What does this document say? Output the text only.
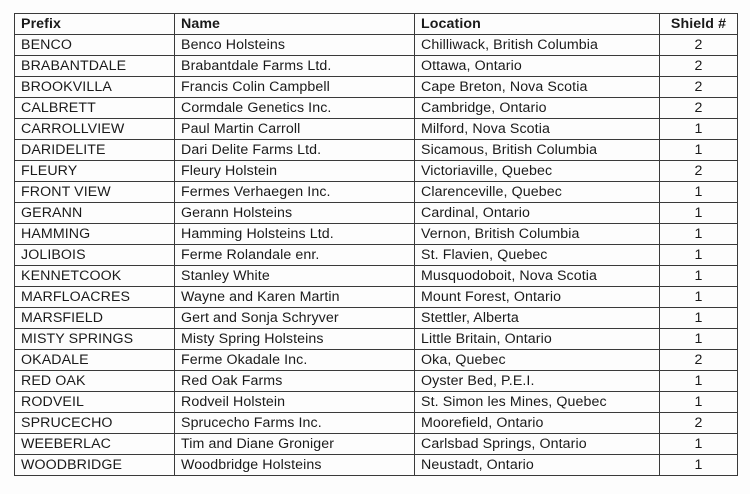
Prefix	Name	Location	Shield #
BENCO	Benco Holsteins	Chilliwack, British Columbia	2
BRABANTDALE	Brabantdale Farms Ltd.	Ottawa, Ontario	2
BROOKVILLA	Francis Colin Campbell	Cape Breton, Nova Scotia	2
CALBRETT	Cormdale Genetics Inc.	Cambridge, Ontario	2
CARROLLVIEW	Paul Martin Carroll	Milford, Nova Scotia	1
DARIDELITE	Dari Delite Farms Ltd.	Sicamous, British Columbia	1
FLEURY	Fleury Holstein	Victoriaville, Quebec	2
FRONT VIEW	Fermes Verhaegen Inc.	Clarenceville, Quebec	1
GERANN	Gerann Holsteins	Cardinal, Ontario	1
HAMMING	Hamming Holsteins Ltd.	Vernon, British Columbia	1
JOLIBOIS	Ferme Rolandale enr.	St. Flavien, Quebec	1
KENNETCOOK	Stanley White	Musquodoboit, Nova Scotia	1
MARFLOACRES	Wayne and Karen Martin	Mount Forest, Ontario	1
MARSFIELD	Gert and Sonja Schryver	Stettler, Alberta	1
MISTY SPRINGS	Misty Spring Holsteins	Little Britain, Ontario	1
OKADALE	Ferme Okadale Inc.	Oka, Quebec	2
RED OAK	Red Oak Farms	Oyster Bed, P.E.I.	1
RODVEIL	Rodveil Holstein	St. Simon les Mines, Quebec	1
SPRUCECHO	Sprucecho Farms Inc.	Moorefield, Ontario	2
WEEBERLAC	Tim and Diane Groniger	Carlsbad Springs, Ontario	1
WOODBRIDGE	Woodbridge Holsteins	Neustadt, Ontario	1
